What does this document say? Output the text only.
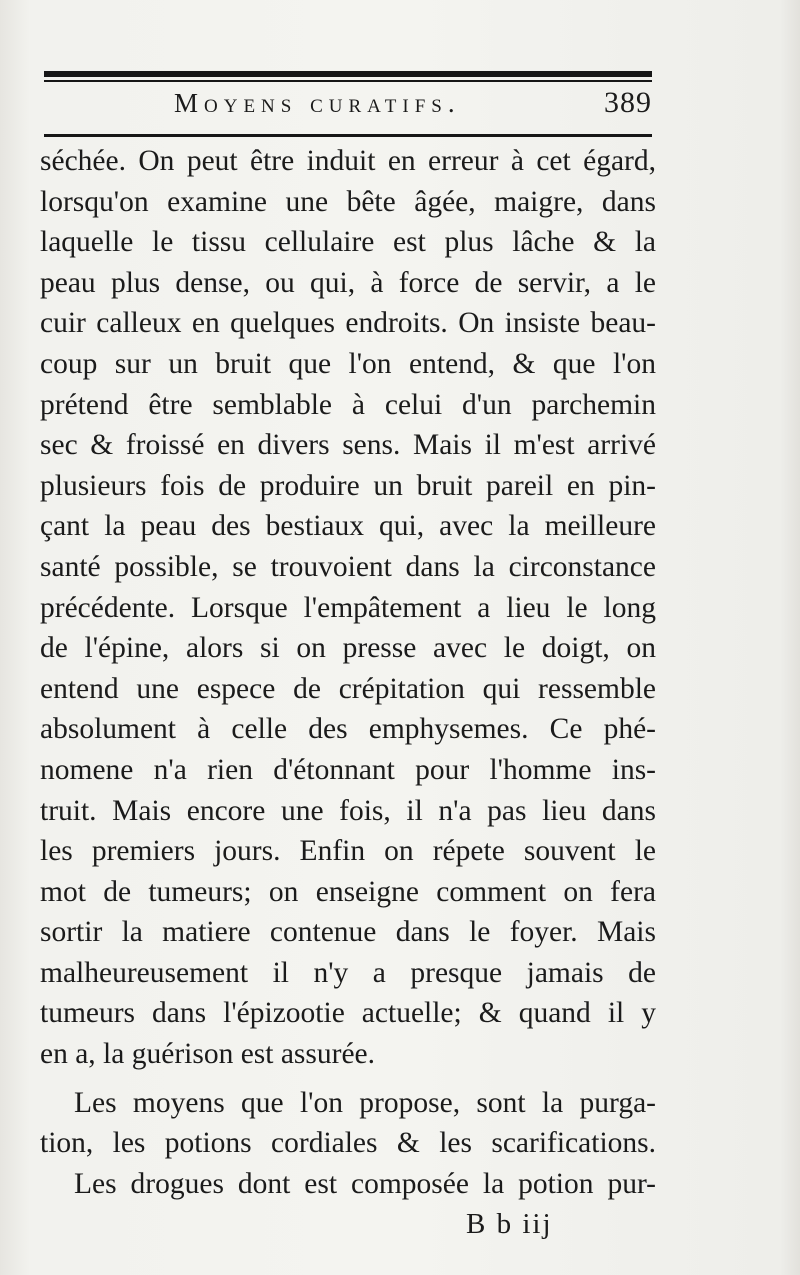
Moyens curatifs.	389
séchée. On peut être induit en erreur à cet égard,
lorsqu'on examine une bête âgée, maigre, dans
laquelle le tissu cellulaire est plus lâche & la
peau plus dense, ou qui, à force de servir, a le
cuir calleux en quelques endroits. On insiste beau-
coup sur un bruit que l'on entend, & que l'on
prétend être semblable à celui d'un parchemin
sec & froissé en divers sens. Mais il m'est arrivé
plusieurs fois de produire un bruit pareil en pin-
çant la peau des bestiaux qui, avec la meilleure
santé possible, se trouvoient dans la circonstance
précédente. Lorsque l'empâtement a lieu le long
de l'épine, alors si on presse avec le doigt, on
entend une espece de crépitation qui ressemble
absolument à celle des emphysemes. Ce phé-
nomene n'a rien d'étonnant pour l'homme ins-
truit. Mais encore une fois, il n'a pas lieu dans
les premiers jours. Enfin on répete souvent le
mot de tumeurs; on enseigne comment on fera
sortir la matiere contenue dans le foyer. Mais
malheureusement il n'y a presque jamais de
tumeurs dans l'épizootie actuelle; & quand il y
en a, la guérison est assurée.
Les moyens que l'on propose, sont la purga-
tion, les potions cordiales & les scarifications.
Les drogues dont est composée la potion pur-
B b iij
